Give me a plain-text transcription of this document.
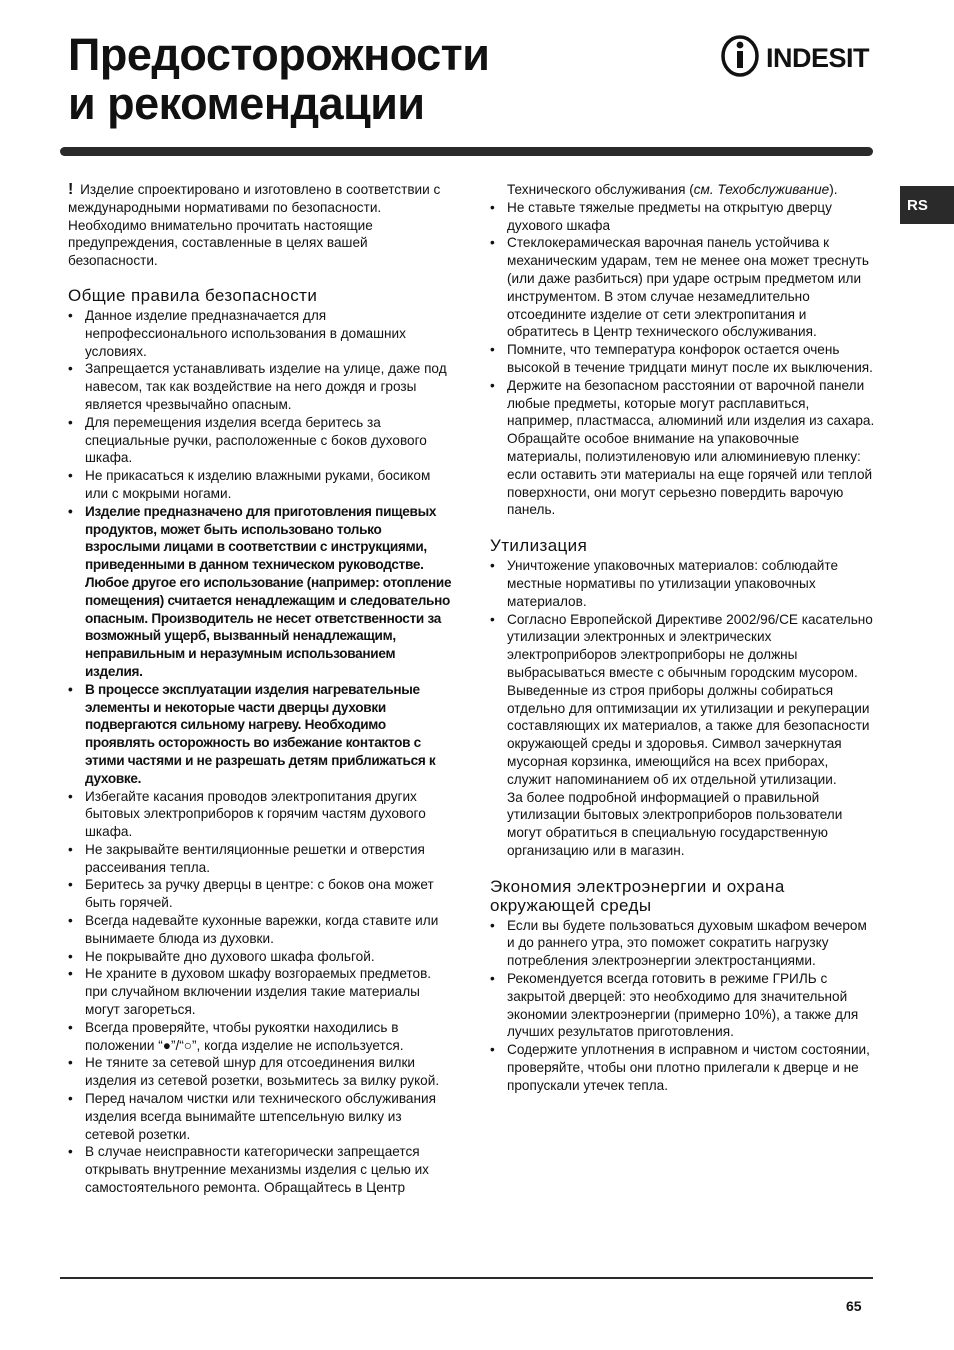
Предосторожности
и рекомендации
INDESIT
RS

! Изделие спроектировано и изготовлено в соответствии с международными нормативами по безопасности. Необходимо внимательно прочитать настоящие предупреждения, составленные в целях вашей безопасности.

Общие правила безопасности
• Данное изделие предназначается для непрофессионального использования в домашних условиях.
• Запрещается устанавливать изделие на улице, даже под навесом, так как воздействие на него дождя и грозы является чрезвычайно опасным.
• Для перемещения изделия всегда беритесь за специальные ручки, расположенные с боков духового шкафа.
• Не прикасаться к изделию влажными руками, босиком или с мокрыми ногами.
• Изделие предназначено для приготовления пищевых продуктов, может быть использовано только взрослыми лицами в соответствии с инструкциями, приведенными в данном техническом руководстве. Любое другое его использование (например: отопление помещения) считается ненадлежащим и следовательно опасным. Производитель не несет ответственности за возможный ущерб, вызванный ненадлежащим, неправильным и неразумным использованием изделия.
• В процессе эксплуатации изделия нагревательные элементы и некоторые части дверцы духовки подвергаются сильному нагреву. Необходимо проявлять осторожность во избежание контактов с этими частями и не разрешать детям приближаться к духовке.
• Избегайте касания проводов электропитания других бытовых электроприборов к горячим частям духового шкафа.
• Не закрывайте вентиляционные решетки и отверстия рассеивания тепла.
• Беритесь за ручку дверцы в центре: с боков она может быть горячей.
• Всегда надевайте кухонные варежки, когда ставите или вынимаете блюда из духовки.
• Не покрывайте дно духового шкафа фольгой.
• Не храните в духовом шкафу возгораемых предметов. при случайном включении изделия такие материалы могут загореться.
• Всегда проверяйте, чтобы рукоятки находились в положении “●”/“○”, когда изделие не используется.
• Не тяните за сетевой шнур для отсоединения вилки изделия из сетевой розетки, возьмитесь за вилку рукой.
• Перед началом чистки или технического обслуживания изделия всегда вынимайте штепсельную вилку из сетевой розетки.
• В случае неисправности категорически запрещается открывать внутренние механизмы изделия с целью их самостоятельного ремонта. Обращайтесь в Центр

Технического обслуживания (см. Техобслуживание).

• Не ставьте тяжелые предметы на открытую дверцу духового шкафа
• Стеклокерамическая варочная панель устойчива к механическим ударам, тем не менее она может треснуть (или даже разбиться) при ударе острым предметом или инструментом. В этом случае незамедлительно отсоедините изделие от сети электропитания и обратитесь в Центр технического обслуживания.
• Помните, что температура конфорок остается очень высокой в течение тридцати минут после их выключения.
• Держите на безопасном расстоянии от варочной панели любые предметы, которые могут расплавиться, например, пластмасса, алюминий или изделия из сахара. Обращайте особое внимание на упаковочные материалы, полиэтиленовую или алюминиевую пленку: если оставить эти материалы на еще горячей или теплой поверхности, они могут серьезно повердить варочую панель.
Утилизация
• Уничтожение упаковочных материалов: соблюдайте местные нормативы по утилизации упаковочных материалов.
• Согласно Европейской Директиве 2002/96/CE касательно утилизации электронных и электрических электроприборов электроприборы не должны выбрасываться вместе с обычным городским мусором. Выведенные из строя приборы должны собираться отдельно для оптимизации их утилизации и рекуперации составляющих их материалов, а также для безопасности окружающей среды и здоровья. Символ зачеркнутая мусорная корзинка, имеющийся на всех приборах, служит напоминанием об их отдельной утилизации.
За более подробной информацией о правильной утилизации бытовых электроприборов пользователи могут обратиться в специальную государственную организацию или в магазин.
Экономия электроэнергии и охрана окружающей среды
• Если вы будете пользоваться духовым шкафом вечером и до раннего утра, это поможет сократить нагрузку потребления электроэнергии электростанциями.
• Рекомендуется всегда готовить в режиме ГРИЛЬ с закрытой дверцей: это необходимо для значительной экономии электроэнергии (примерно 10%), а также для лучших результатов приготовления.
• Содержите уплотнения в исправном и чистом состоянии, проверяйте, чтобы они плотно прилегали к дверце и не пропускали утечек тепла.
65
